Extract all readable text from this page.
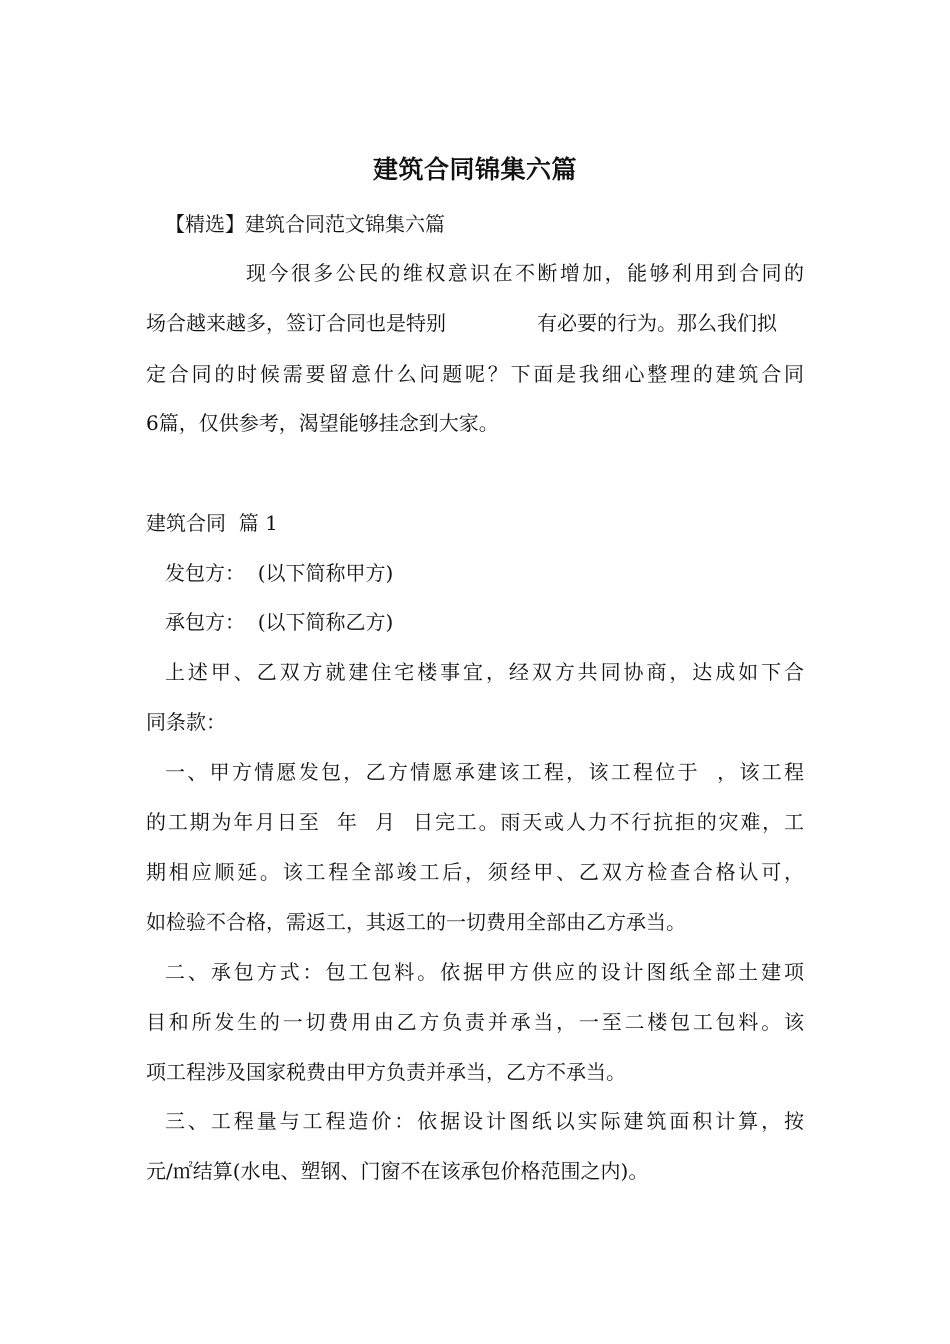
建筑合同锦集六篇
【精选】建筑合同范文锦集六篇
现今很多公民的维权意识在不断增加，能够利用到合同的
场合越来越多，签订合同也是特别	有必要的行为。那么我们拟
定合同的时候需要留意什么问题呢？下面是我细心整理的建筑合同
6篇，仅供参考，渴望能够挂念到大家。
建筑合同  篇 1
发包方：  (以下简称甲方)
承包方：  (以下简称乙方)
上述甲、乙双方就建住宅楼事宜，经双方共同协商，达成如下合
同条款：
一、甲方情愿发包，乙方情愿承建该工程，该工程位于  ，该工程
的工期为年月日至  年  月  日完工。雨天或人力不行抗拒的灾难，工
期相应顺延。该工程全部竣工后，须经甲、乙双方检查合格认可，
如检验不合格，需返工，其返工的一切费用全部由乙方承当。
二、承包方式：包工包料。依据甲方供应的设计图纸全部土建项
目和所发生的一切费用由乙方负责并承当，一至二楼包工包料。该
项工程涉及国家税费由甲方负责并承当，乙方不承当。
三、工程量与工程造价：依据设计图纸以实际建筑面积计算，按
元/㎡结算(水电、塑钢、门窗不在该承包价格范围之内)。
